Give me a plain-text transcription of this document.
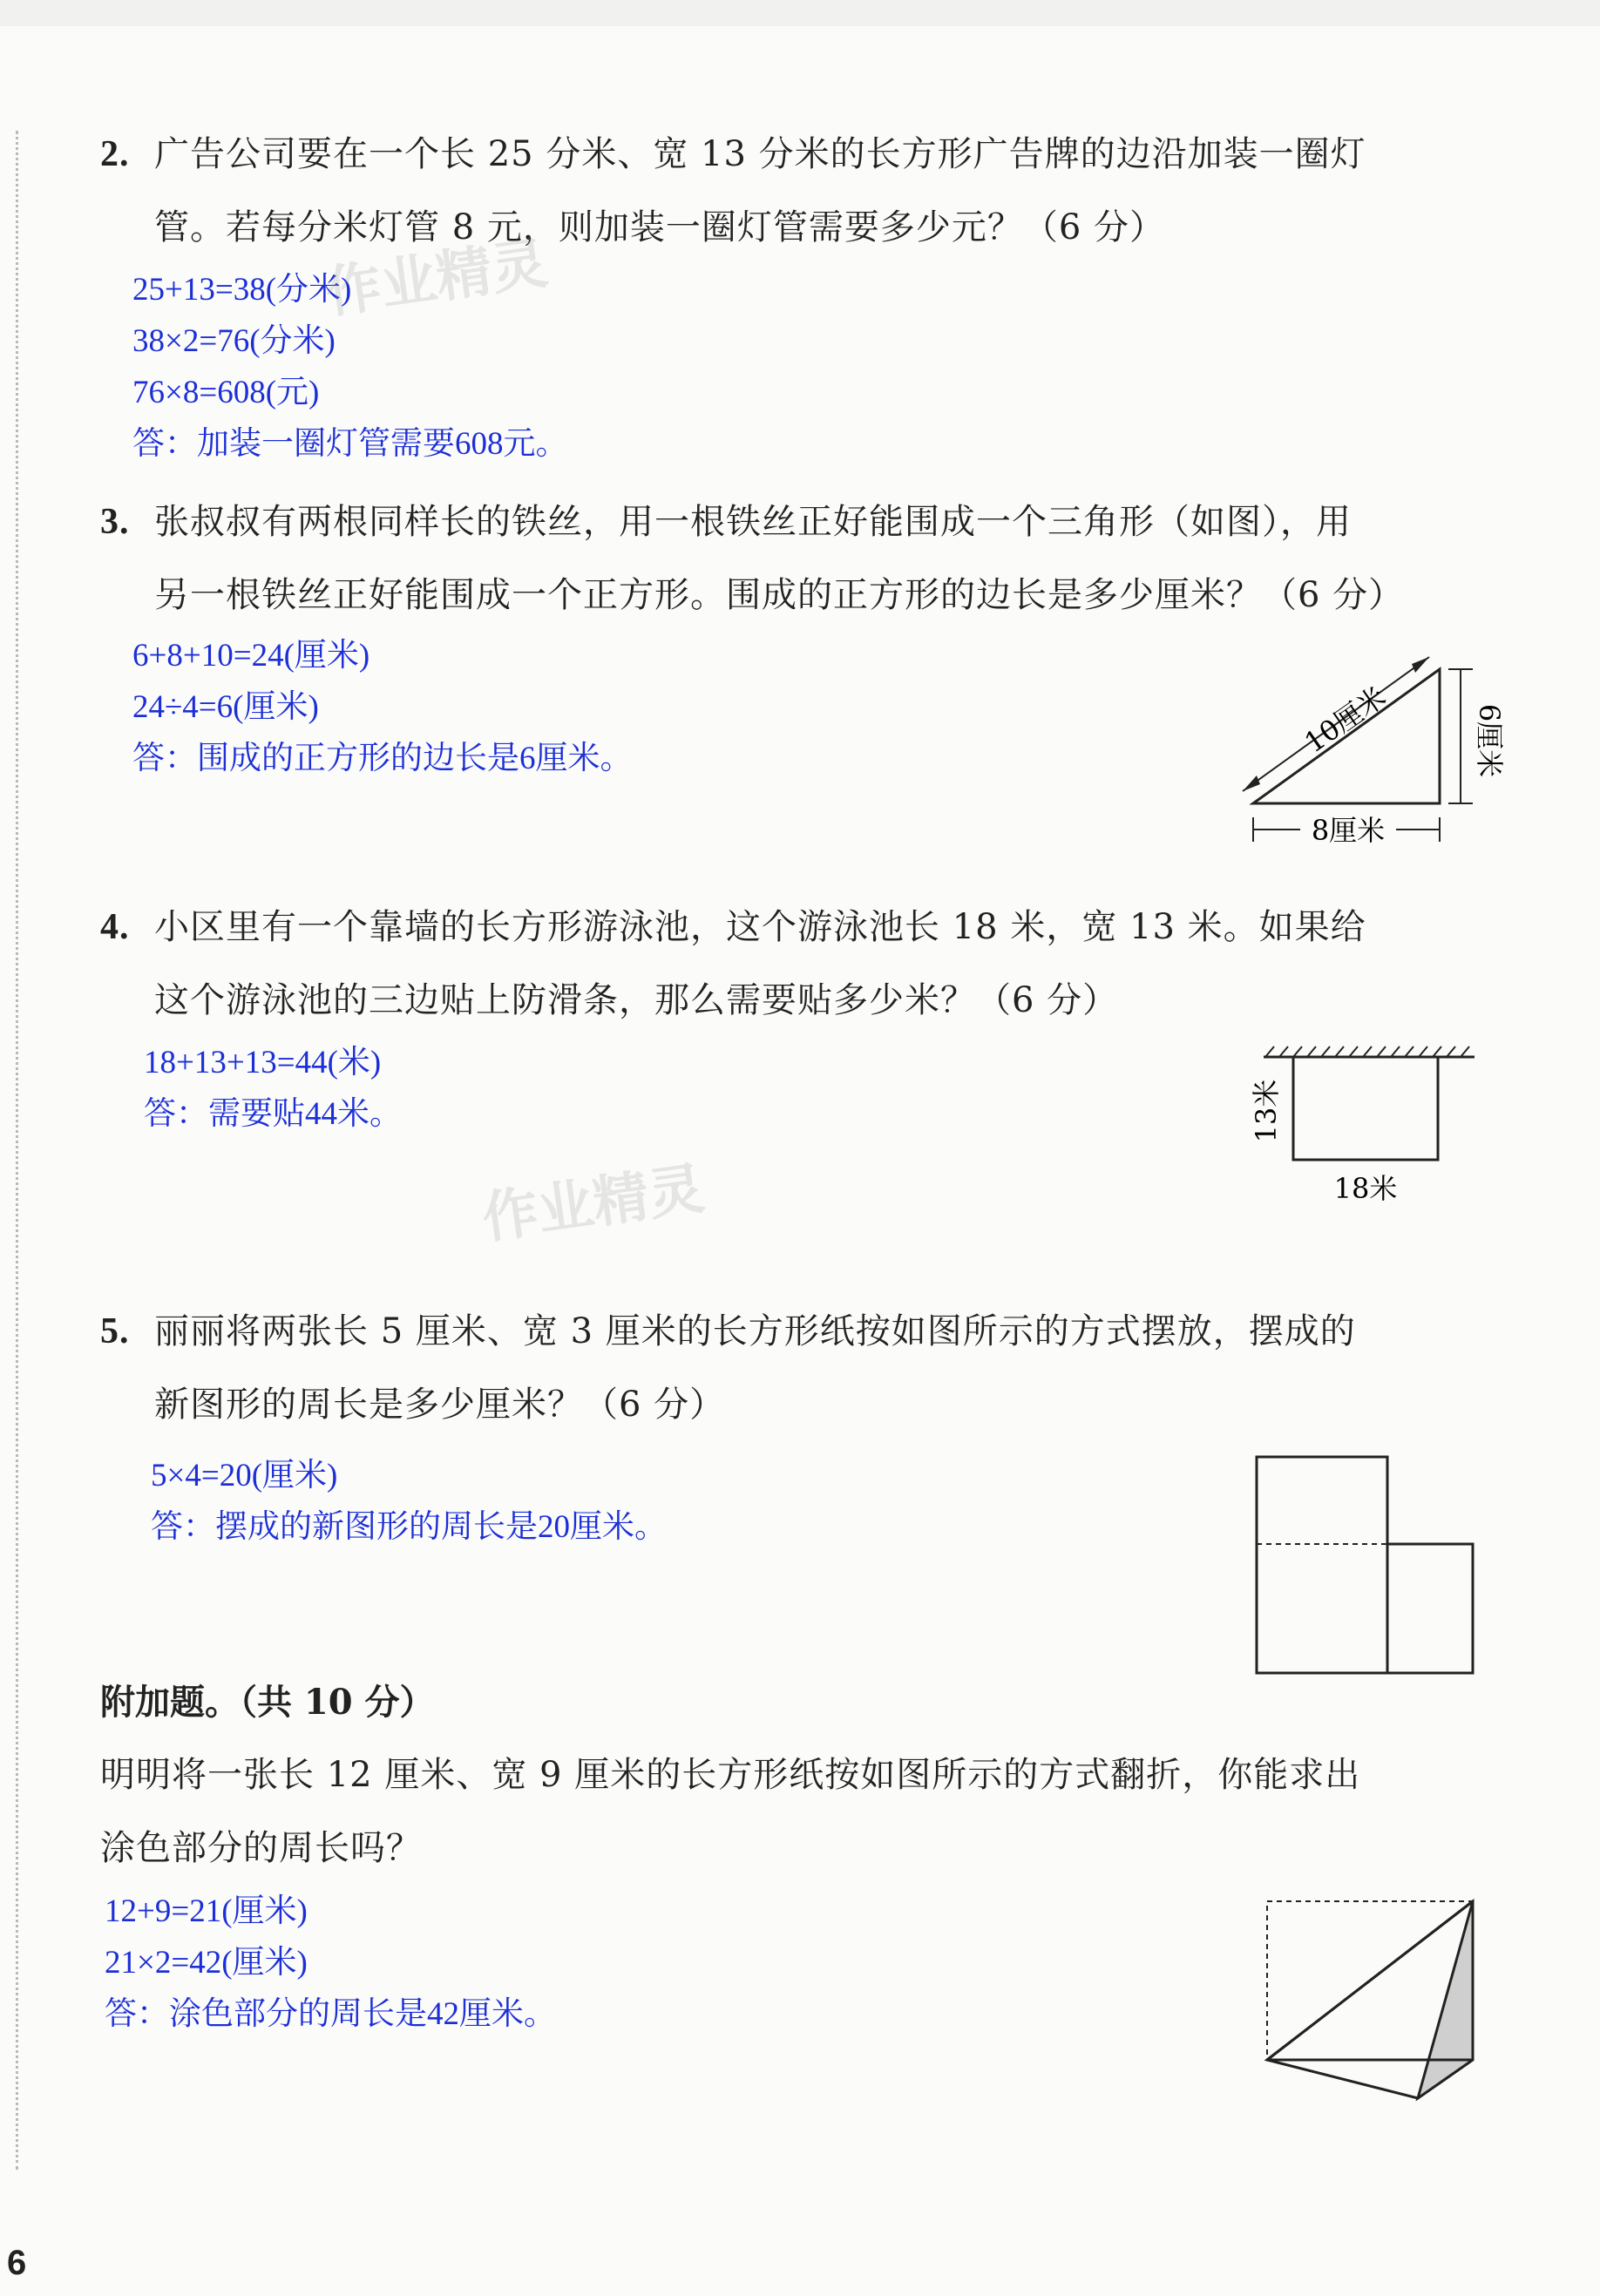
2. 广告公司要在一个长 25 分米、宽 13 分米的长方形广告牌的边沿加装一圈灯
管。若每分米灯管 8 元，则加装一圈灯管需要多少元？（6 分）
25+13=38(分米)
38×2=76(分米)
76×8=608(元)
答：加装一圈灯管需要608元。
作业精灵
3. 张叔叔有两根同样长的铁丝，用一根铁丝正好能围成一个三角形（如图），用
另一根铁丝正好能围成一个正方形。围成的正方形的边长是多少厘米？（6 分）
6+8+10=24(厘米)
24÷4=6(厘米)
答：围成的正方形的边长是6厘米。	10厘米	6厘米
8厘米
4. 小区里有一个靠墙的长方形游泳池，这个游泳池长 18 米，宽 13 米。如果给
这个游泳池的三边贴上防滑条，那么需要贴多少米？（6 分）
18+13+13=44(米)
答：需要贴44米。
作业精灵
13米
18米
5. 丽丽将两张长 5 厘米、宽 3 厘米的长方形纸按如图所示的方式摆放，摆成的
新图形的周长是多少厘米？（6 分）
5×4=20(厘米)
答：摆成的新图形的周长是20厘米。
附加题。（共 10 分）
明明将一张长 12 厘米、宽 9 厘米的长方形纸按如图所示的方式翻折，你能求出
涂色部分的周长吗？
12+9=21(厘米)
21×2=42(厘米)
答：涂色部分的周长是42厘米。
6
